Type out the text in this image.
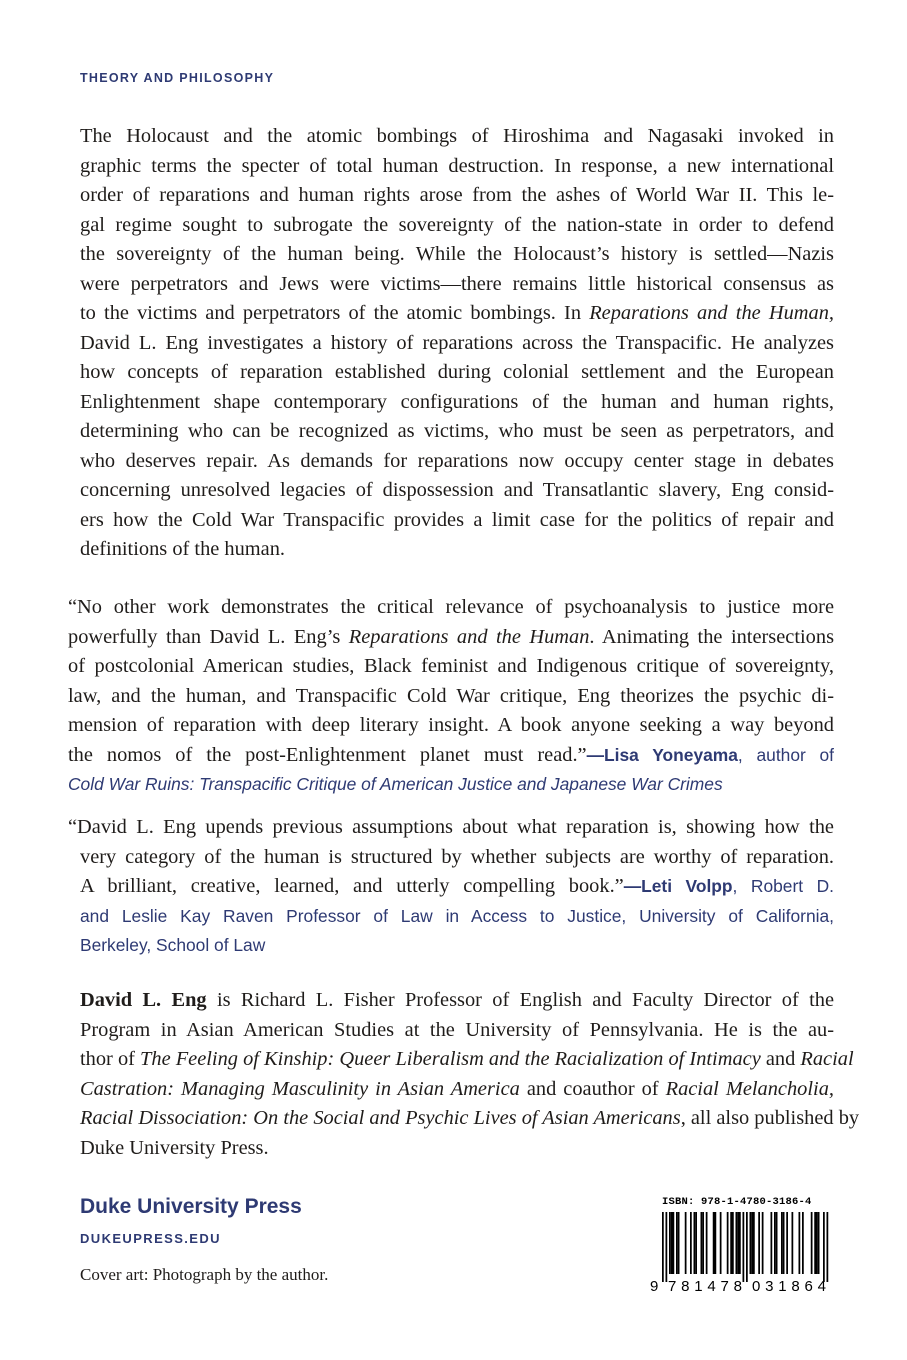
THEORY AND PHILOSOPHY
The Holocaust and the atomic bombings of Hiroshima and Nagasaki invoked in
graphic terms the specter of total human destruction. In response, a new international
order of reparations and human rights arose from the ashes of World War II. This le-
gal regime sought to subrogate the sovereignty of the nation-state in order to defend
the sovereignty of the human being. While the Holocaust’s history is settled—Nazis
were perpetrators and Jews were victims—there remains little historical consensus as
to the victims and perpetrators of the atomic bombings. In Reparations and the Human,
David L. Eng investigates a history of reparations across the Transpacific. He analyzes
how concepts of reparation established during colonial settlement and the European
Enlightenment shape contemporary configurations of the human and human rights,
determining who can be recognized as victims, who must be seen as perpetrators, and
who deserves repair. As demands for reparations now occupy center stage in debates
concerning unresolved legacies of dispossession and Transatlantic slavery, Eng consid-
ers how the Cold War Transpacific provides a limit case for the politics of repair and
definitions of the human.
“No other work demonstrates the critical relevance of psychoanalysis to justice more
powerfully than David L. Eng’s Reparations and the Human. Animating the intersections
of postcolonial American studies, Black feminist and Indigenous critique of sovereignty,
law, and the human, and Transpacific Cold War critique, Eng theorizes the psychic di-
mension of reparation with deep literary insight. A book anyone seeking a way beyond
the nomos of the post-Enlightenment planet must read.”—Lisa Yoneyama, author of
Cold War Ruins: Transpacific Critique of American Justice and Japanese War Crimes
“David L. Eng upends previous assumptions about what reparation is, showing how the
very category of the human is structured by whether subjects are worthy of reparation.
A brilliant, creative, learned, and utterly compelling book.”—Leti Volpp, Robert D.
and Leslie Kay Raven Professor of Law in Access to Justice, University of California,
Berkeley, School of Law
David L. Eng is Richard L. Fisher Professor of English and Faculty Director of the
Program in Asian American Studies at the University of Pennsylvania. He is the au-
thor of The Feeling of Kinship: Queer Liberalism and the Racialization of Intimacy and Racial
Castration: Managing Masculinity in Asian America and coauthor of Racial Melancholia,
Racial Dissociation: On the Social and Psychic Lives of Asian Americans, all also published by
Duke University Press.
Duke University Press
DUKEUPRESS.EDU
Cover art: Photograph by the author.
ISBN: 978-1-4780-3186-4
9 781478 031864
